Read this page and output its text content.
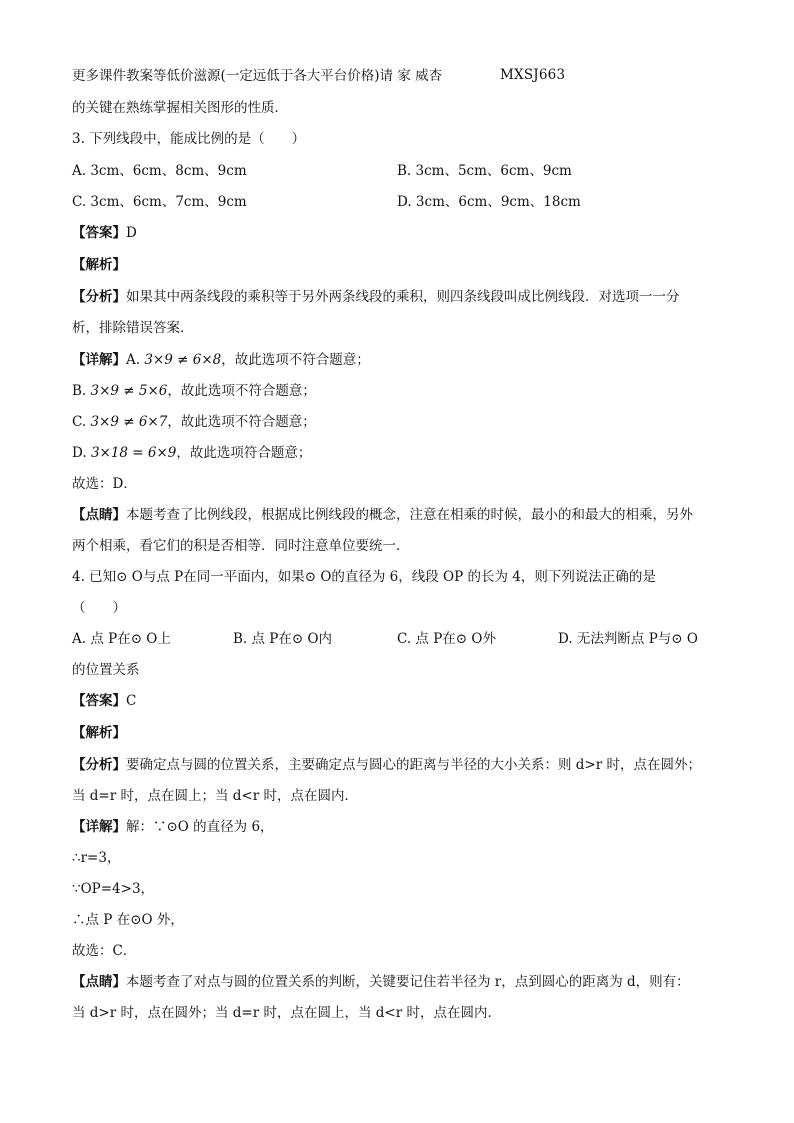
更多课件教案等低价滋源(一定远低于各大平台价格)请 家 威杏	MXSJ663
的关键在熟练掌握相关图形的性质．
3. 下列线段中，能成比例的是（　　）
A. 3cm、6cm、8cm、9cm	B. 3cm、5cm、6cm、9cm
C. 3cm、6cm、7cm、9cm	D. 3cm、6cm、9cm、18cm
【答案】D
【解析】
【分析】如果其中两条线段的乘积等于另外两条线段的乘积，则四条线段叫成比例线段．对选项一一分
析，排除错误答案．
【详解】A. 3×9 ≠ 6×8，故此选项不符合题意；
B. 3×9 ≠ 5×6，故此选项不符合题意；
C. 3×9 ≠ 6×7，故此选项不符合题意；
D. 3×18 = 6×9，故此选项符合题意；
故选：D．
【点睛】本题考查了比例线段，根据成比例线段的概念，注意在相乘的时候，最小的和最大的相乘，另外
两个相乘，看它们的积是否相等．同时注意单位要统一．
4. 已知⊙ O与点 P在同一平面内，如果⊙ O的直径为 6，线段 OP 的长为 4，则下列说法正确的是
（　　）
A. 点 P在⊙ O上	B. 点 P在⊙ O内	C. 点 P在⊙ O外	D. 无法判断点 P与⊙ O
的位置关系
【答案】C
【解析】
【分析】要确定点与圆的位置关系，主要确定点与圆心的距离与半径的大小关系：则 d>r 时，点在圆外；
当 d=r 时，点在圆上；当 d<r 时，点在圆内．
【详解】解：∵⊙O 的直径为 6，
∴r=3，
∵OP=4>3，
∴点 P 在⊙O 外，
故选：C．
【点睛】本题考查了对点与圆的位置关系的判断，关键要记住若半径为 r，点到圆心的距离为 d，则有：
当 d>r 时，点在圆外；当 d=r 时，点在圆上，当 d<r 时，点在圆内．
